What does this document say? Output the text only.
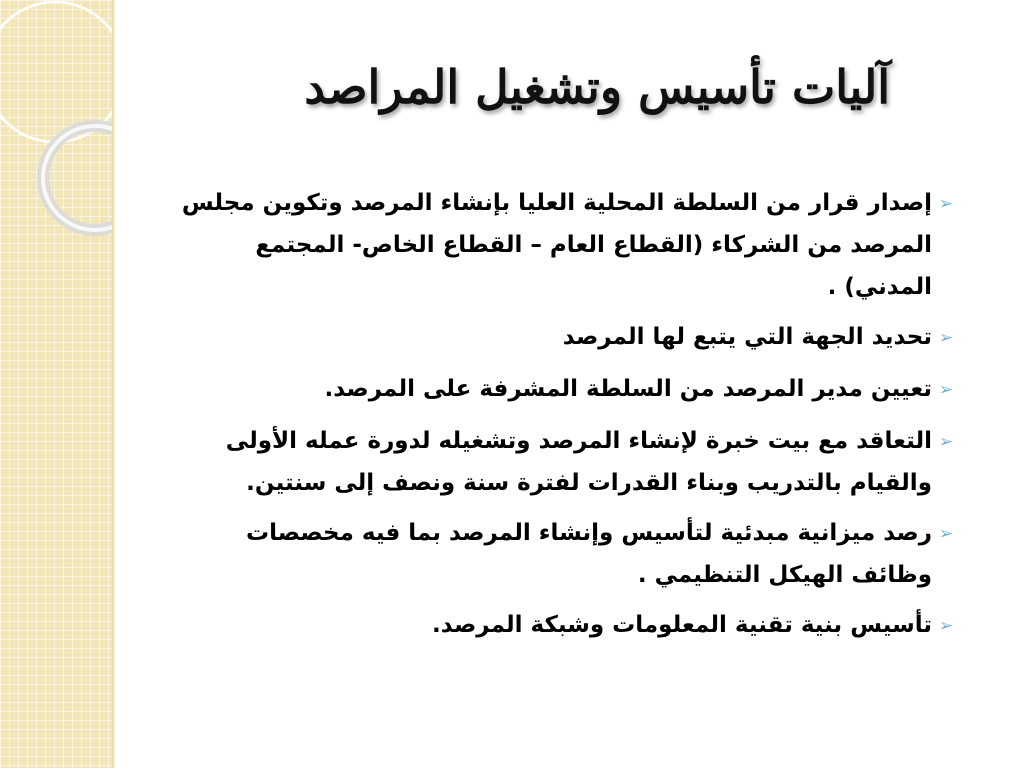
آليات تأسيس وتشغيل المراصد
➢
إصدار قرار من السلطة المحلية العليا بإنشاء المرصد وتكوين مجلس المرصد من الشركاء (القطاع العام – القطاع الخاص- المجتمع المدني) .
➢
تحديد الجهة التي يتبع لها المرصد
➢
تعيين مدير المرصد من السلطة المشرفة على المرصد.
➢
التعاقد مع بيت خبرة لإنشاء المرصد وتشغيله لدورة عمله الأولى والقيام بالتدريب وبناء القدرات لفترة سنة ونصف إلى سنتين.
➢
رصد ميزانية مبدئية لتأسيس وإنشاء المرصد بما فيه مخصصات وظائف الهيكل التنظيمي .
➢
تأسيس بنية تقنية المعلومات وشبكة المرصد.
